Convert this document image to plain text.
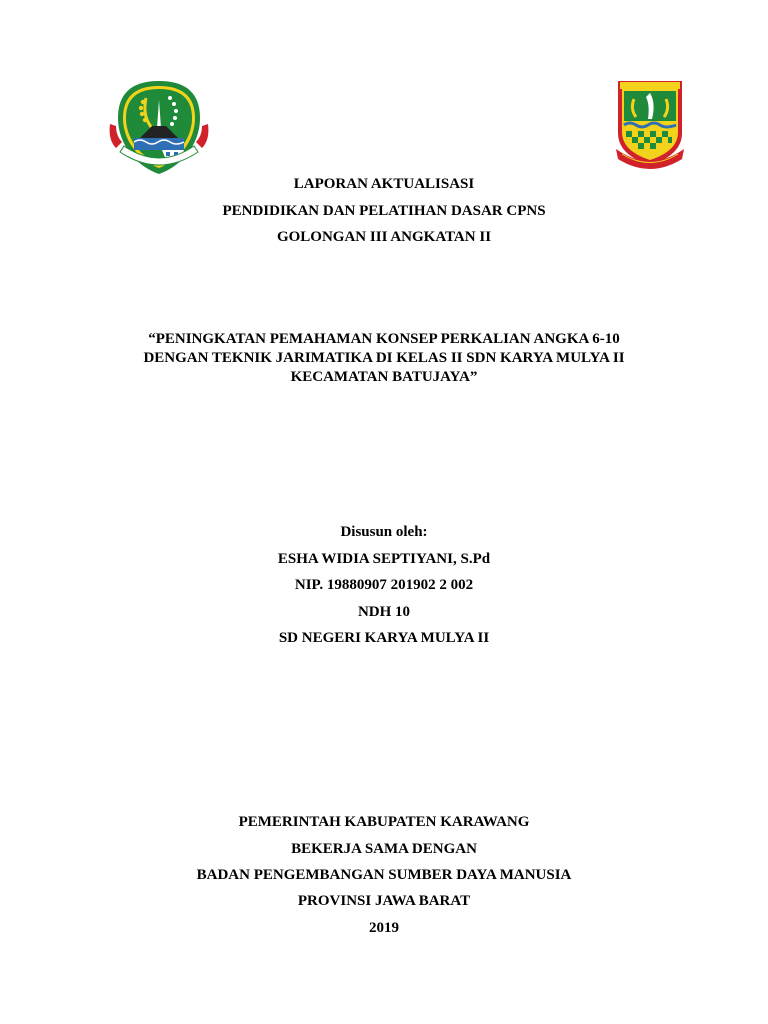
LAPORAN AKTUALISASI
PENDIDIKAN DAN PELATIHAN DASAR CPNS
GOLONGAN III ANGKATAN II
“PENINGKATAN PEMAHAMAN KONSEP PERKALIAN ANGKA 6-10
DENGAN TEKNIK JARIMATIKA DI KELAS II SDN KARYA MULYA II
KECAMATAN BATUJAYA”
Disusun oleh:
ESHA WIDIA SEPTIYANI, S.Pd
NIP. 19880907 201902 2 002
NDH 10
SD NEGERI KARYA MULYA II
PEMERINTAH KABUPATEN KARAWANG
BEKERJA SAMA DENGAN
BADAN PENGEMBANGAN SUMBER DAYA MANUSIA
PROVINSI JAWA BARAT
2019
